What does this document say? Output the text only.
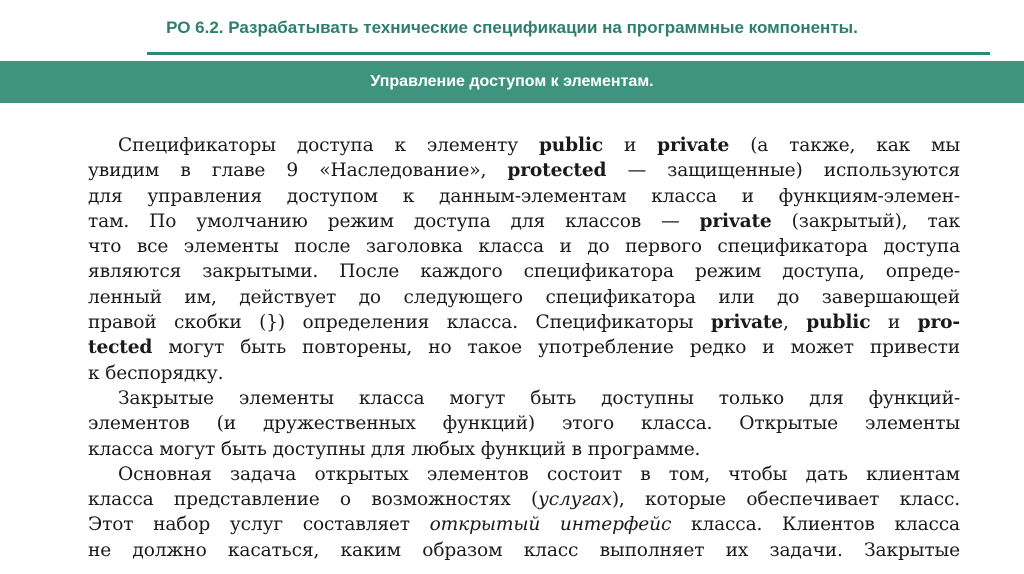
РО 6.2. Разрабатывать технические спецификации на программные компоненты.
Управление доступом к элементам.
Спецификаторы доступа к элементу public и private (а также, как мы
увидим в главе 9 «Наследование», protected — защищенные) используются
для управления доступом к данным-элементам класса и функциям-элемен-
там. По умолчанию режим доступа для классов — private (закрытый), так
что все элементы после заголовка класса и до первого спецификатора доступа
являются закрытыми. После каждого спецификатора режим доступа, опреде-
ленный им, действует до следующего спецификатора или до завершающей
правой скобки (}) определения класса. Спецификаторы private, public и pro-
tected могут быть повторены, но такое употребление редко и может привести
к беспорядку.
Закрытые элементы класса могут быть доступны только для функций-
элементов (и дружественных функций) этого класса. Открытые элементы
класса могут быть доступны для любых функций в программе.
Основная задача открытых элементов состоит в том, чтобы дать клиентам
класса представление о возможностях (услугах), которые обеспечивает класс.
Этот набор услуг составляет открытый интерфейс класса. Клиентов класса
не должно касаться, каким образом класс выполняет их задачи. Закрытые
